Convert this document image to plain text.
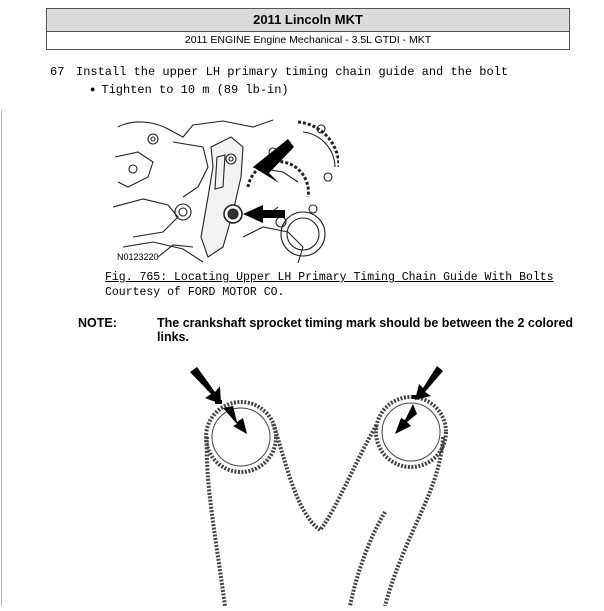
2011 Lincoln MKT
2011 ENGINE Engine Mechanical - 3.5L GTDI - MKT
67 Install the upper LH primary timing chain guide and the bolt
● Tighten to 10 m (89 lb-in)
N0123220
Fig. 765: Locating Upper LH Primary Timing Chain Guide With Bolts
Courtesy of FORD MOTOR CO.
NOTE:	The crankshaft sprocket timing mark should be between the 2 colored links.
